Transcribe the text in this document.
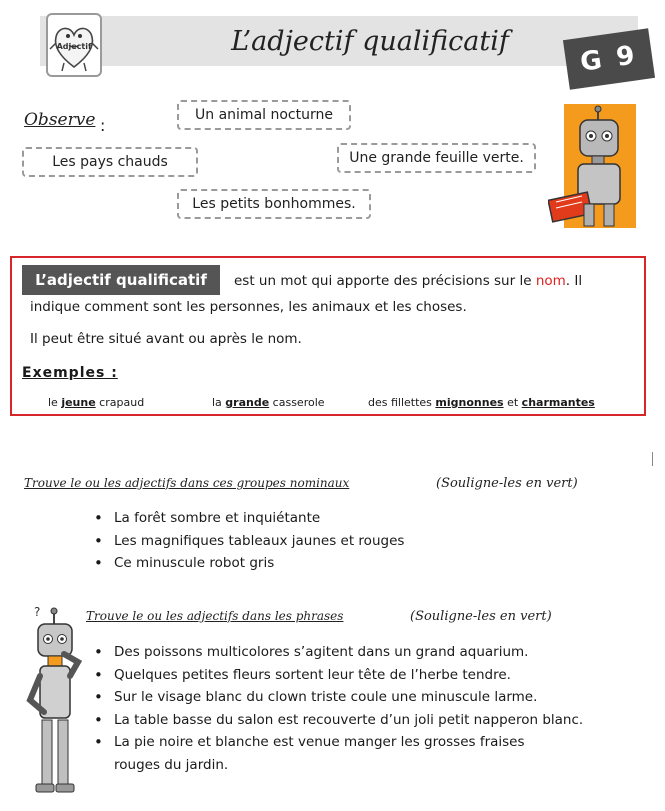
L’adjectif qualificatif
Adjectif	G 9
Observe :
Un animal nocturne
Les pays chauds	Une grande feuille verte.
Les petits bonhommes.
L’adjectif qualificatif	est un mot qui apporte des précisions sur le nom. Il
indique comment sont les personnes, les animaux et les choses.
Il peut être situé avant ou après le nom.
Exemples :
le jeune crapaud	la grande casserole	des fillettes mignonnes et charmantes
Trouve le ou les adjectifs dans ces groupes nominaux	(Souligne-les en vert)
• La forêt sombre et inquiétante
• Les magnifiques tableaux jaunes et rouges
• Ce minuscule robot gris
Trouve le ou les adjectifs dans les phrases	(Souligne-les en vert)
?
• Des poissons multicolores s’agitent dans un grand aquarium.
• Quelques petites fleurs sortent leur tête de l’herbe tendre.
• Sur le visage blanc du clown triste coule une minuscule larme.
• La table basse du salon est recouverte d’un joli petit napperon blanc.
• La pie noire et blanche est venue manger les grosses fraises
rouges du jardin.
